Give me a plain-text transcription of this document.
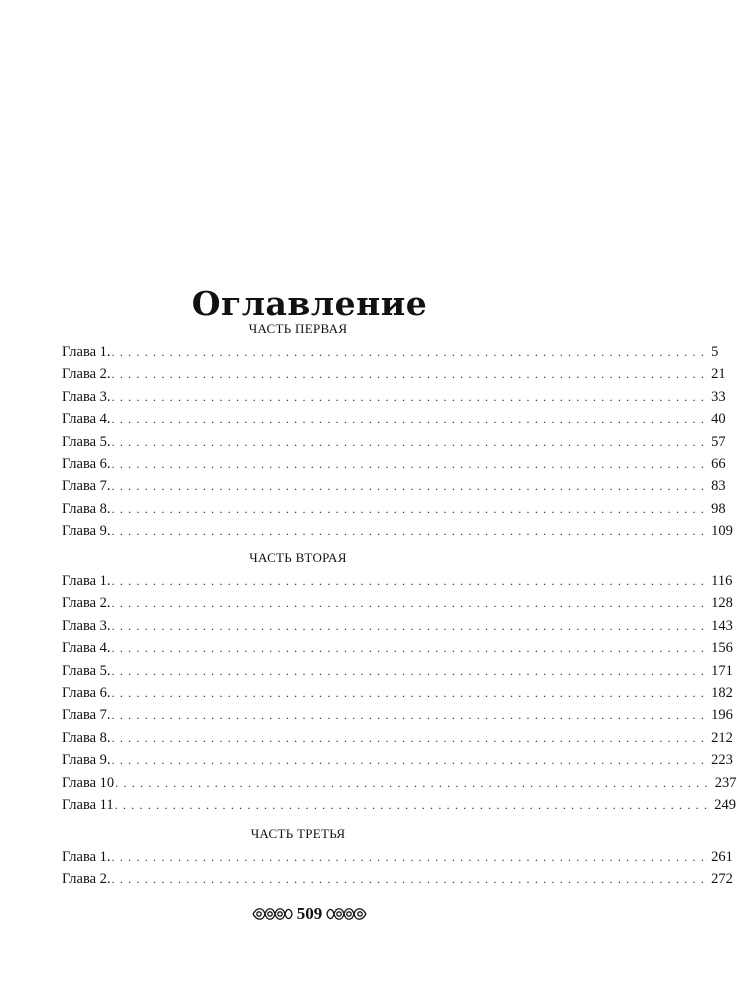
Оглавление
ЧАСТЬ ПЕРВАЯ
Глава 1. ........................................................................ 5
Глава 2. ........................................................................ 21
Глава 3. ........................................................................ 33
Глава 4. ........................................................................ 40
Глава 5. ........................................................................ 57
Глава 6. ........................................................................ 66
Глава 7. ........................................................................ 83
Глава 8. ........................................................................ 98
Глава 9. ........................................................................ 109
ЧАСТЬ ВТОРАЯ
Глава 1. ........................................................................ 116
Глава 2. ........................................................................ 128
Глава 3. ........................................................................ 143
Глава 4. ........................................................................ 156
Глава 5. ........................................................................ 171
Глава 6. ........................................................................ 182
Глава 7. ........................................................................ 196
Глава 8. ........................................................................ 212
Глава 9. ........................................................................ 223
Глава 10 ........................................................................ 237
Глава 11 ........................................................................ 249
ЧАСТЬ ТРЕТЬЯ
Глава 1. ........................................................................ 261
Глава 2. ........................................................................ 272
509
